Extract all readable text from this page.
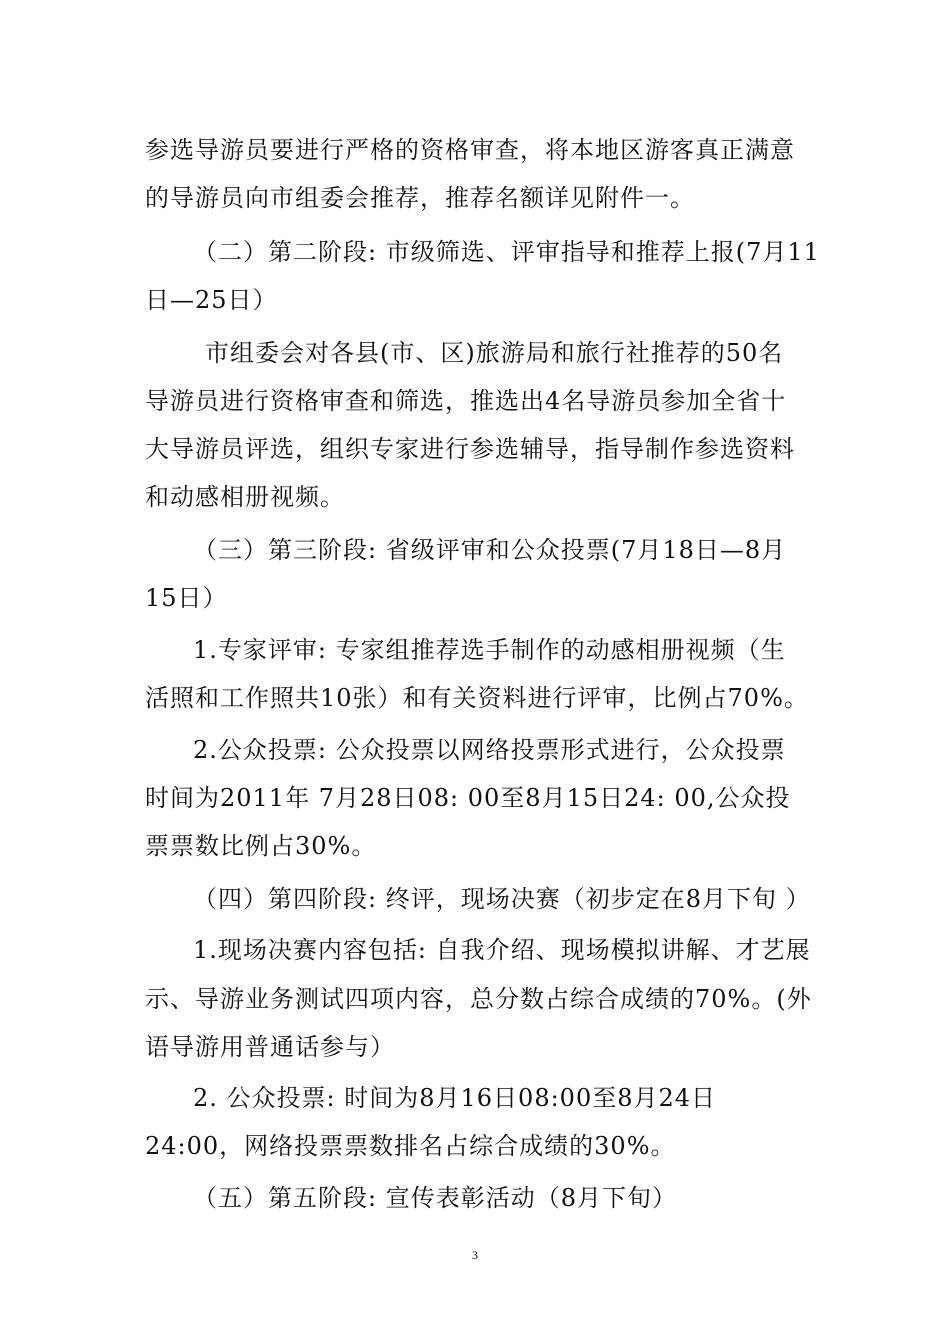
参选导游员要进行严格的资格审查，将本地区游客真正满意
的导游员向市组委会推荐，推荐名额详见附件一。
（二）第二阶段: 市级筛选、评审指导和推荐上报(7月11
日—25日）
市组委会对各县(市、区)旅游局和旅行社推荐的50名
导游员进行资格审查和筛选，推选出4名导游员参加全省十
大导游员评选，组织专家进行参选辅导，指导制作参选资料
和动感相册视频。
（三）第三阶段: 省级评审和公众投票(7月18日—8月
15日）
1.专家评审: 专家组推荐选手制作的动感相册视频（生
活照和工作照共10张）和有关资料进行评审，比例占70%。
2.公众投票: 公众投票以网络投票形式进行，公众投票
时间为2011年 7月28日08: 00至8月15日24: 00,公众投
票票数比例占30%。
（四）第四阶段: 终评，现场决赛（初步定在8月下旬 ）
1.现场决赛内容包括: 自我介绍、现场模拟讲解、才艺展
示、导游业务测试四项内容，总分数占综合成绩的70%。(外
语导游用普通话参与）
2. 公众投票: 时间为8月16日08:00至8月24日
24:00，网络投票票数排名占综合成绩的30%。
（五）第五阶段: 宣传表彰活动（8月下旬）
3
